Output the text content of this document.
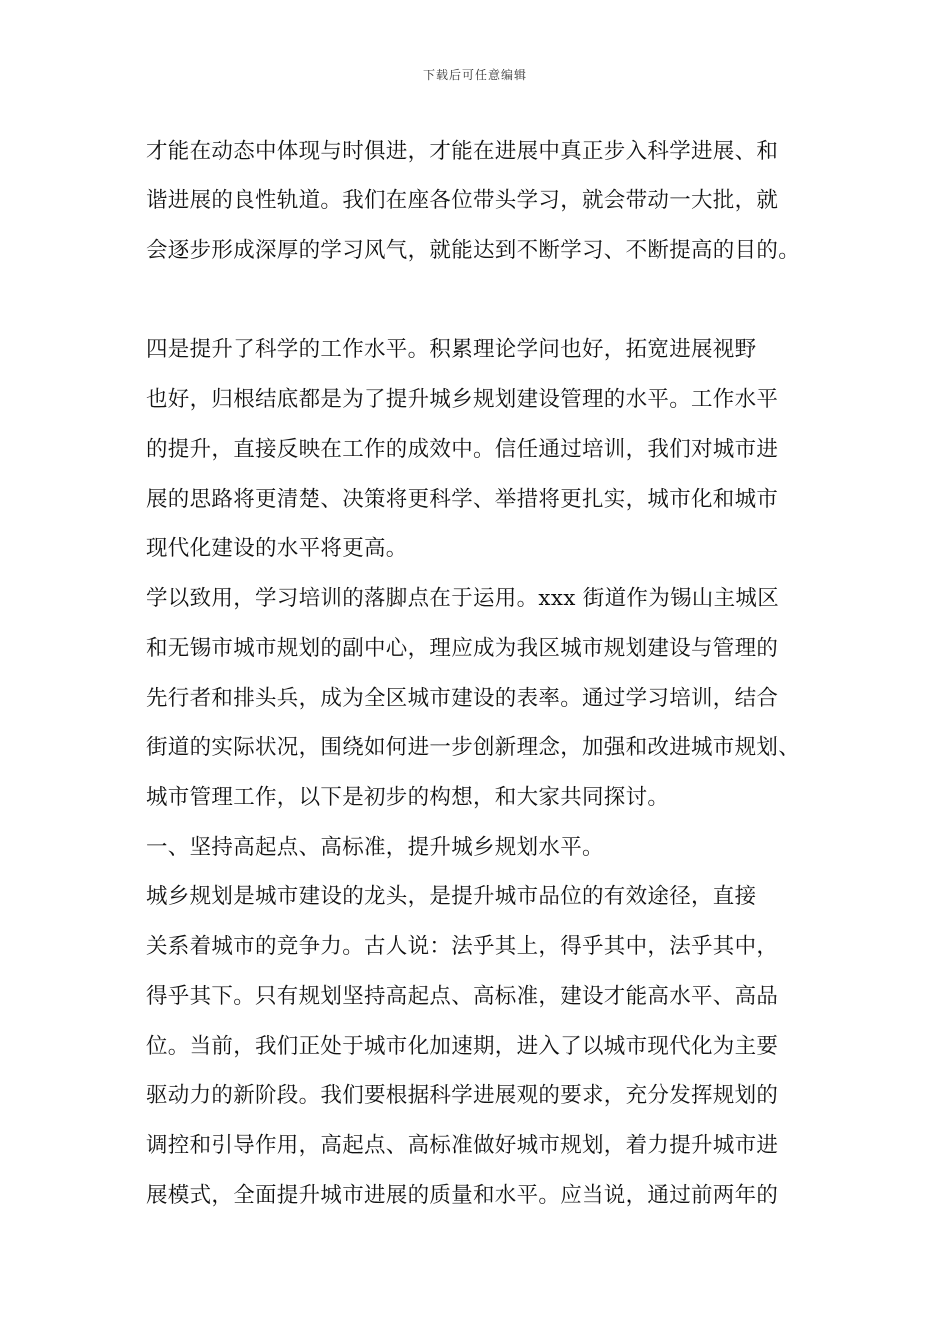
下载后可任意编辑
才能在动态中体现与时俱进，才能在进展中真正步入科学进展、和
谐进展的良性轨道。我们在座各位带头学习，就会带动一大批，就
会逐步形成深厚的学习风气，就能达到不断学习、不断提高的目的。
四是提升了科学的工作水平。积累理论学问也好，拓宽进展视野
也好，归根结底都是为了提升城乡规划建设管理的水平。工作水平
的提升，直接反映在工作的成效中。信任通过培训，我们对城市进
展的思路将更清楚、决策将更科学、举措将更扎实，城市化和城市
现代化建设的水平将更高。
学以致用，学习培训的落脚点在于运用。xxx 街道作为锡山主城区
和无锡市城市规划的副中心，理应成为我区城市规划建设与管理的
先行者和排头兵，成为全区城市建设的表率。通过学习培训，结合
街道的实际状况，围绕如何进一步创新理念，加强和改进城市规划、
城市管理工作，以下是初步的构想，和大家共同探讨。
一、坚持高起点、高标准，提升城乡规划水平。
城乡规划是城市建设的龙头，是提升城市品位的有效途径，直接
关系着城市的竞争力。古人说：法乎其上，得乎其中，法乎其中，
得乎其下。只有规划坚持高起点、高标准，建设才能高水平、高品
位。当前，我们正处于城市化加速期，进入了以城市现代化为主要
驱动力的新阶段。我们要根据科学进展观的要求，充分发挥规划的
调控和引导作用，高起点、高标准做好城市规划，着力提升城市进
展模式，全面提升城市进展的质量和水平。应当说，通过前两年的
